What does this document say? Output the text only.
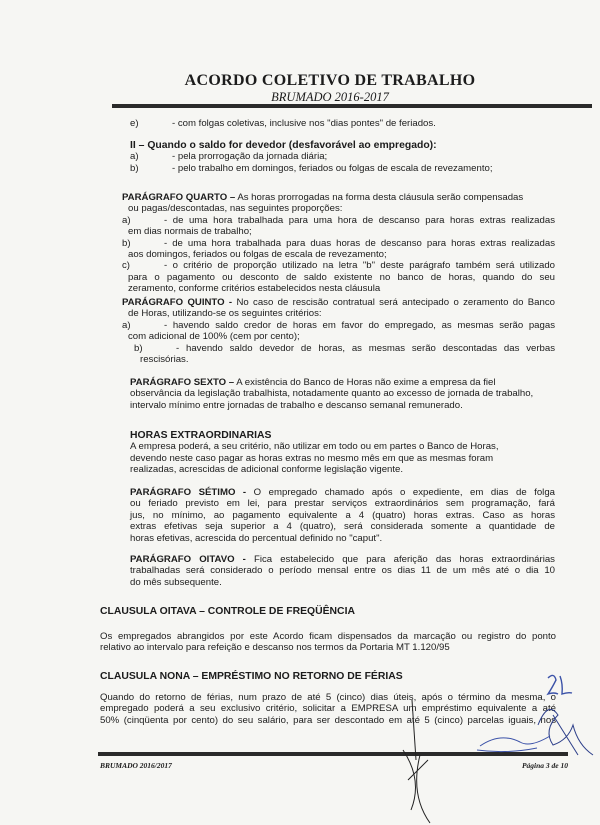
ACORDO COLETIVO DE TRABALHO
BRUMADO 2016-2017
e)	- com folgas coletivas, inclusive nos "dias pontes" de feriados.
II – Quando o saldo for devedor (desfavorável ao empregado):
a)	- pela prorrogação da jornada diária;
b)	- pelo trabalho em domingos, feriados ou folgas de escala de revezamento;
PARÁGRAFO QUARTO – As horas prorrogadas na forma desta cláusula serão compensadas
ou pagas/descontadas, nas seguintes proporções:
a)	- de uma hora trabalhada para uma hora de descanso para horas extras realizadas
em dias normais de trabalho;
b)	- de uma hora trabalhada para duas horas de descanso para horas extras realizadas
aos domingos, feriados ou folgas de escala de revezamento;
c)	- o critério de proporção utilizado na letra "b" deste parágrafo também será utilizado
para o pagamento ou desconto de saldo existente no banco de horas, quando do seu
zeramento, conforme critérios estabelecidos nesta cláusula
PARÁGRAFO QUINTO - No caso de rescisão contratual será antecipado o zeramento do Banco
de Horas, utilizando-se os seguintes critérios:
a)	- havendo saldo credor de horas em favor do empregado, as mesmas serão pagas
com adicional de 100% (cem por cento);
b)	- havendo saldo devedor de horas, as mesmas serão descontadas das verbas
rescisórias.
PARÁGRAFO SEXTO – A existência do Banco de Horas não exime a empresa da fiel
observância da legislação trabalhista, notadamente quanto ao excesso de jornada de trabalho,
intervalo mínimo entre jornadas de trabalho e descanso semanal remunerado.
HORAS EXTRAORDINARIAS
A empresa poderá, a seu critério, não utilizar em todo ou em partes o Banco de Horas,
devendo neste caso pagar as horas extras no mesmo mês em que as mesmas foram
realizadas, acrescidas de adicional conforme legislação vigente.
PARÁGRAFO SÉTIMO - O empregado chamado após o expediente, em dias de folga
ou feriado previsto em lei, para prestar serviços extraordinários sem programação, fará
jus, no mínimo, ao pagamento equivalente a 4 (quatro) horas extras. Caso as horas
extras efetivas seja superior a 4 (quatro), será considerada somente a quantidade de
horas efetivas, acrescida do percentual definido no "caput".
PARÁGRAFO OITAVO - Fica estabelecido que para aferição das horas extraordinárias
trabalhadas será considerado o período mensal entre os dias 11 de um mês até o dia 10
do mês subsequente.
CLAUSULA OITAVA – CONTROLE DE FREQÜÊNCIA
Os empregados abrangidos por este Acordo ficam dispensados da marcação ou registro do ponto
relativo ao intervalo para refeição e descanso nos termos da Portaria MT 1.120/95
CLAUSULA NONA – EMPRÉSTIMO NO RETORNO DE FÉRIAS
Quando do retorno de férias, num prazo de até 5 (cinco) dias úteis, após o término da mesma, o
empregado poderá a seu exclusivo critério, solicitar a EMPRESA um empréstimo equivalente a até
50% (cinqüenta por cento) do seu salário, para ser descontado em até 5 (cinco) parcelas iguais, nos
BRUMADO 2016/2017	Página 3 de 10
